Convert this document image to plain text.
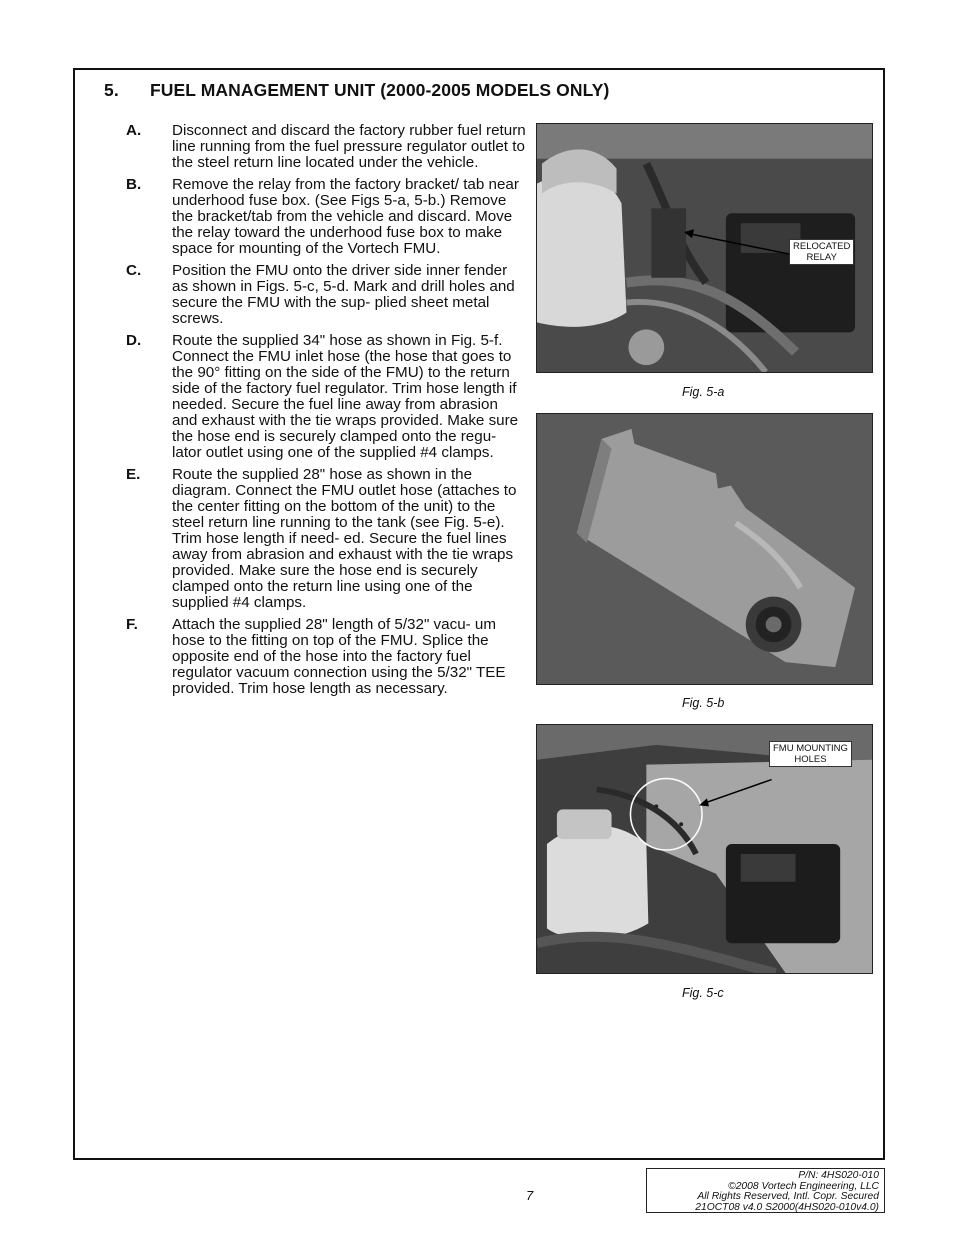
5. FUEL MANAGEMENT UNIT (2000-2005 MODELS ONLY)
A. Disconnect and discard the factory rubber fuel return line running from the fuel pressure regulator outlet to the steel return line located under the vehicle.
B. Remove the relay from the factory bracket/ tab near underhood fuse box. (See Figs 5-a, 5-b.) Remove the bracket/tab from the vehicle and discard. Move the relay toward the underhood fuse box to make space for mounting of the Vortech FMU.
C. Position the FMU onto the driver side inner fender as shown in Figs. 5-c, 5-d. Mark and drill holes and secure the FMU with the sup- plied sheet metal screws.
D. Route the supplied 34" hose as shown in Fig. 5-f. Connect the FMU inlet hose (the hose that goes to the 90° fitting on the side of the FMU) to the return side of the factory fuel regulator. Trim hose length if needed. Secure the fuel line away from abrasion and exhaust with the tie wraps provided. Make sure the hose end is securely clamped onto the regu- lator outlet using one of the supplied #4 clamps.
E. Route the supplied 28" hose as shown in the diagram. Connect the FMU outlet hose (attaches to the center fitting on the bottom of the unit) to the steel return line running to the tank (see Fig. 5-e). Trim hose length if need- ed. Secure the fuel lines away from abrasion and exhaust with the tie wraps provided. Make sure the hose end is securely clamped onto the return line using one of the supplied #4 clamps.
F. Attach the supplied 28" length of 5/32" vacu- um hose to the fitting on top of the FMU. Splice the opposite end of the hose into the factory fuel regulator vacuum connection using the 5/32" TEE provided. Trim hose length as necessary.
RELOCATED
RELAY
Fig. 5-a
Fig. 5-b
FMU MOUNTING
HOLES
Fig. 5-c
7
P/N: 4HS020-010
©2008 Vortech Engineering, LLC
All Rights Reserved, Intl. Copr. Secured
21OCT08 v4.0 S2000(4HS020-010v4.0)
